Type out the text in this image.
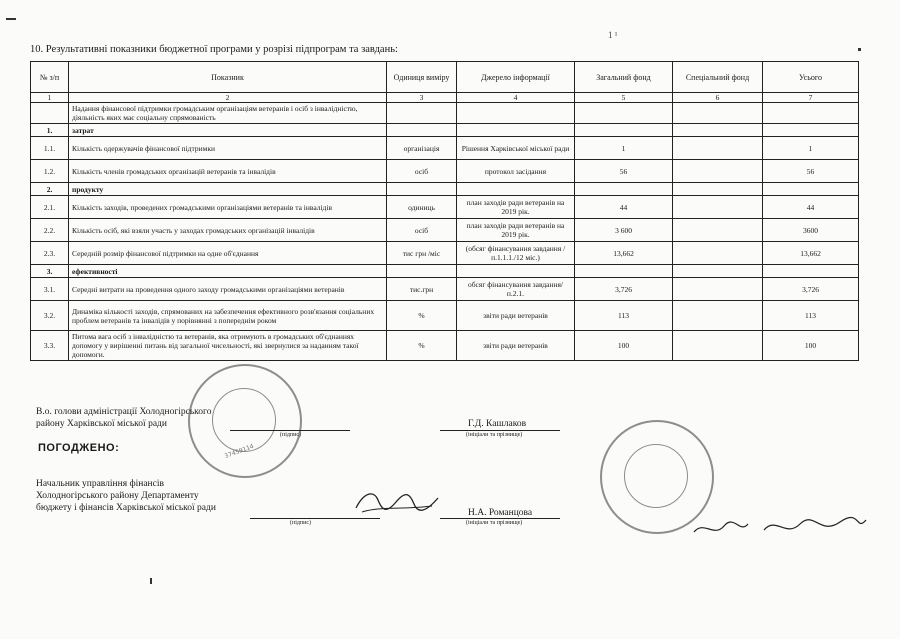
1 ¹
10. Результативні показники бюджетної програми у розрізі підпрограм та завдань:
№ з/п	Показник	Одиниця виміру	Джерело інформації	Загальний фонд	Спеціальний фонд	Усього
1	2	3	4	5	6	7
	Надання фінансової підтримки громадським організаціям ветеранів і осіб з інвалідністю, діяльність яких має соціальну спрямованість					
1.	затрат					
1.1.	Кількість одержувачів фінансової підтримки	організація	Рішення Харківської міської ради	1		1
1.2.	Кількість членів громадських організацій ветеранів та інвалідів	осіб	протокол засідання	56		56
2.	продукту					
2.1.	Кількість заходів, проведених громадськими організаціями ветеранів та інвалідів	одиниць	план заходів ради ветеранів на 2019 рік.	44		44
2.2.	Кількість осіб, які взяли участь у заходах громадських організацій інвалідів	осіб	план заходів ради ветеранів на 2019 рік.	3 600		3600
2.3.	Середній розмір фінансової підтримки на одне об'єднання	тис грн /міс	(обсяг фінансування завдання /п.1.1.1./12 міс.)	13,662		13,662
3.	ефективності					
3.1.	Середні витрати на проведення одного заходу громадськими організаціями ветеранів	тис.грн	обсяг фінансування завдання/п.2.1.	3,726		3,726
3.2.	Динаміка кількості заходів, спрямованих на забезпечення ефективного розв'язання соціальних проблем ветеранів та інвалідів у порівнянні з попереднім роком	%	звіти ради ветеранів	113		113
3.3.	Питома вага осіб з інвалідністю та ветеранів, яка отримують в громадських об'єднаннях допомогу у вирішенні питань від загальної чисельності, які звернулися за наданням такої допомоги.	%	звіти ради ветеранів	100		100
37459114
В.о. голови адміністрації Холодногірського
району Харківської міської ради
(підпис)
Г.Д. Кашлаков
(ініціали та прізвище)
ПОГОДЖЕНО:
Начальник управління фінансів
Холодногірського району Департаменту
бюджету і фінансів Харківської міської ради
(підпис)
Н.А. Романцова
(ініціали та прізвище)
